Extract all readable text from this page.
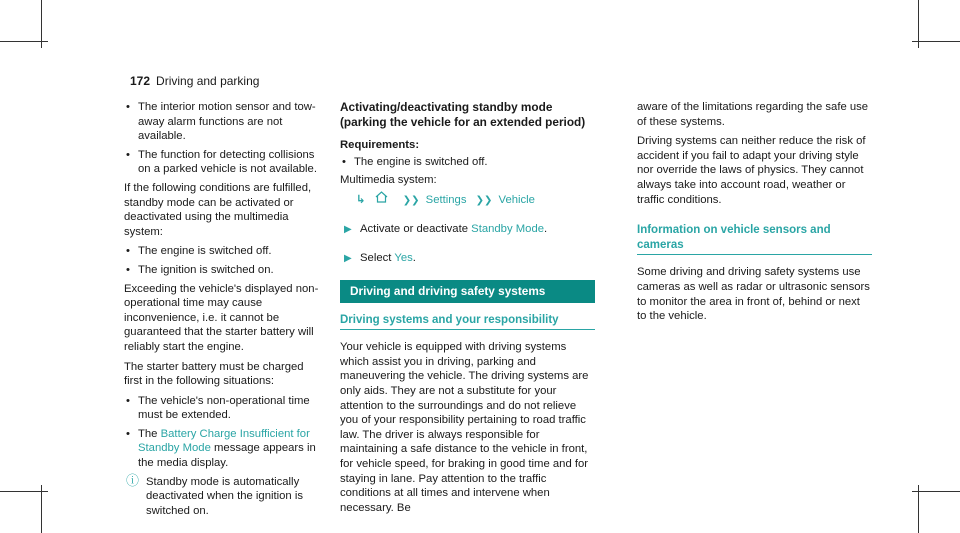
172 Driving and parking
• The interior motion sensor and tow-away alarm functions are not available.
• The function for detecting collisions on a parked vehicle is not available.

If the following conditions are fulfilled, standby mode can be activated or deactivated using the multimedia system:

• The engine is switched off.
• The ignition is switched on.

Exceeding the vehicle's displayed non-operational time may cause inconvenience, i.e. it cannot be guaranteed that the starter battery will reliably start the engine.

The starter battery must be charged first in the following situations:

• The vehicle's non-operational time must be extended.
• The Battery Charge Insufficient for Standby Mode message appears in the media display.
ⓘ Standby mode is automatically deactivated when the ignition is switched on.
Activating/deactivating standby mode (parking the vehicle for an extended period)
Requirements:
• The engine is switched off.

Multimedia system:

↳	❯❯ Settings ❯❯ Vehicle
▶ Activate or deactivate Standby Mode.
▶ Select Yes.
Driving and driving safety systems
Driving systems and your responsibility

Your vehicle is equipped with driving systems which assist you in driving, parking and maneuvering the vehicle. The driving systems are only aids. They are not a substitute for your attention to the surroundings and do not relieve you of your responsibility pertaining to road traffic law. The driver is always responsible for maintaining a safe distance to the vehicle in front, for vehicle speed, for braking in good time and for staying in lane. Pay attention to the traffic conditions at all times and intervene when necessary. Be

aware of the limitations regarding the safe use of these systems.

Driving systems can neither reduce the risk of accident if you fail to adapt your driving style nor override the laws of physics. They cannot always take into account road, weather or traffic conditions.

Information on vehicle sensors and cameras

Some driving and driving safety systems use cameras as well as radar or ultrasonic sensors to monitor the area in front of, behind or next to the vehicle.
